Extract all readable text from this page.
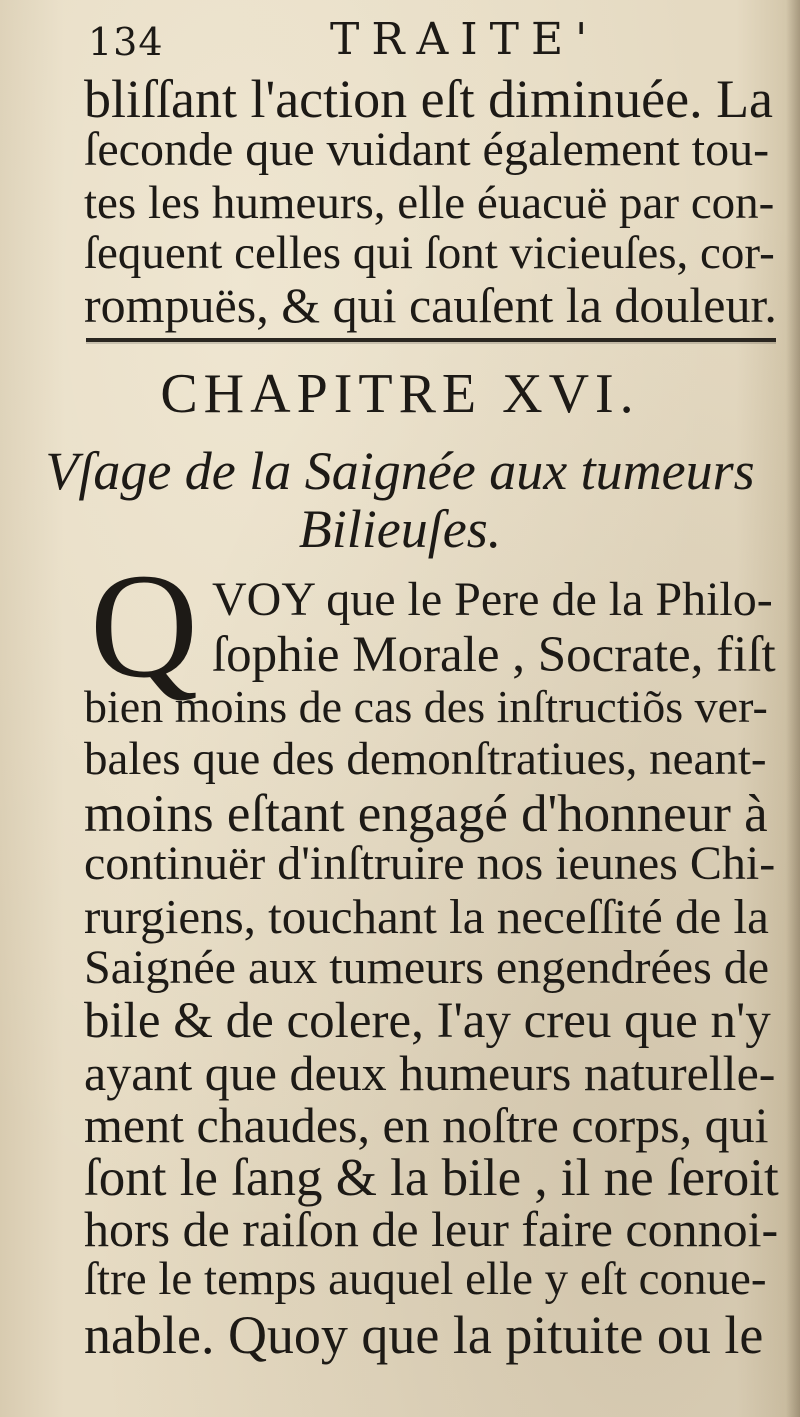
134	TRAITE'
bliſſant l'action eſt diminuée. La
ſeconde que vuidant également tou-
tes les humeurs, elle éuacuë par con-
ſequent celles qui ſont vicieuſes, cor-
rompuës, & qui cauſent la douleur.
CHAPITRE XVI.
Vſage de la Saignée aux tumeurs
Bilieuſes.
Q VOY que le Pere de la Philo-
ſophie Morale , Socrate, fiſt
bien moins de cas des inſtructiõs ver-
bales que des demonſtratiues, neant-
moins eſtant engagé d'honneur à
continuër d'inſtruire nos ieunes Chi-
rurgiens, touchant la neceſſité de la
Saignée aux tumeurs engendrées de
bile & de colere, I'ay creu que n'y
ayant que deux humeurs naturelle-
ment chaudes, en noſtre corps, qui
ſont le ſang & la bile , il ne ſeroit
hors de raiſon de leur faire connoi-
ſtre le temps auquel elle y eſt conue-
nable. Quoy que la pituite ou le
